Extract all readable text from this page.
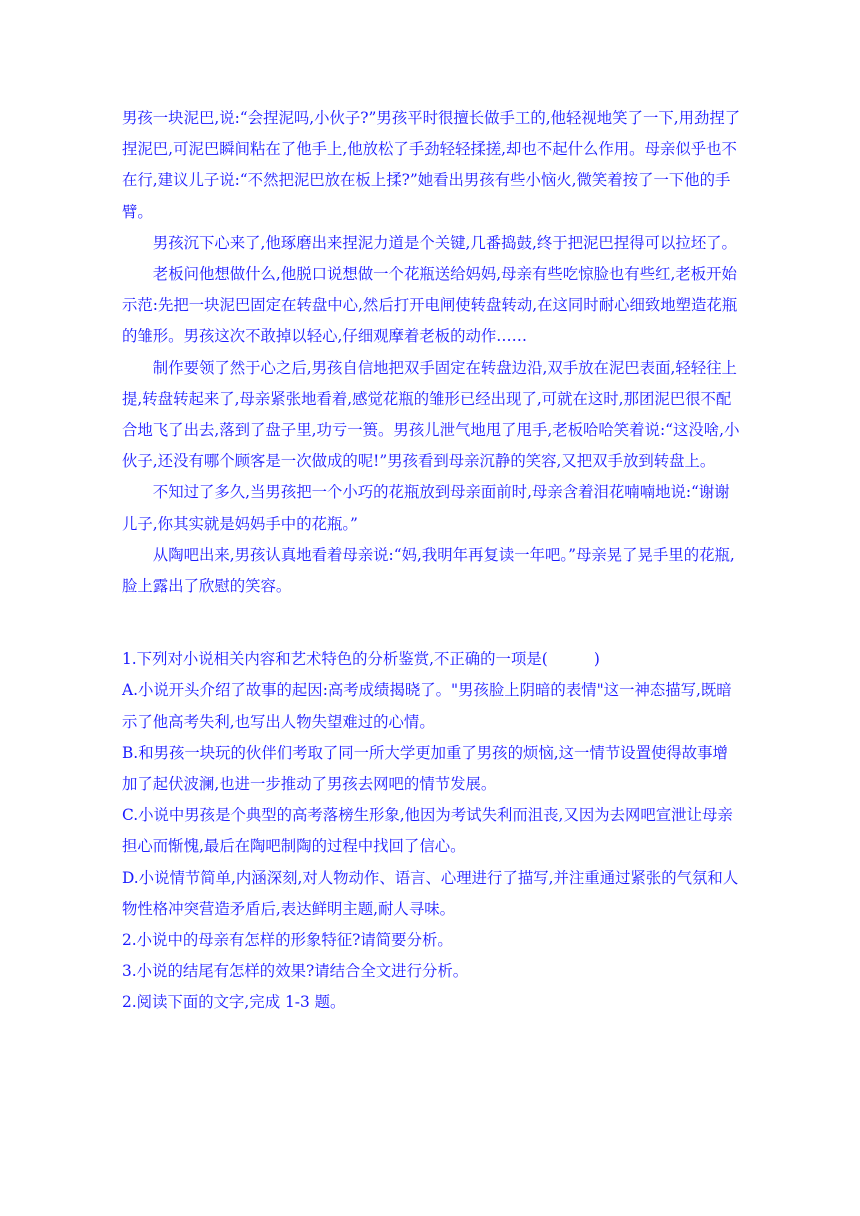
男孩一块泥巴,说:“会捏泥吗,小伙子?”男孩平时很擅长做手工的,他轻视地笑了一下,用劲捏了捏泥巴,可泥巴瞬间粘在了他手上,他放松了手劲轻轻揉搓,却也不起什么作用。母亲似乎也不在行,建议儿子说:“不然把泥巴放在板上揉?”她看出男孩有些小恼火,微笑着按了一下他的手臂。

男孩沉下心来了,他琢磨出来捏泥力道是个关键,几番捣鼓,终于把泥巴捏得可以拉坯了。

老板问他想做什么,他脱口说想做一个花瓶送给妈妈,母亲有些吃惊脸也有些红,老板开始示范:先把一块泥巴固定在转盘中心,然后打开电闸使转盘转动,在这同时耐心细致地塑造花瓶的雏形。男孩这次不敢掉以轻心,仔细观摩着老板的动作……

制作要领了然于心之后,男孩自信地把双手固定在转盘边沿,双手放在泥巴表面,轻轻往上提,转盘转起来了,母亲紧张地看着,感觉花瓶的雏形已经出现了,可就在这时,那团泥巴很不配合地飞了出去,落到了盘子里,功亏一篑。男孩儿泄气地甩了甩手,老板哈哈笑着说:“这没啥,小伙子,还没有哪个顾客是一次做成的呢!”男孩看到母亲沉静的笑容,又把双手放到转盘上。

不知过了多久,当男孩把一个小巧的花瓶放到母亲面前时,母亲含着泪花喃喃地说:“谢谢儿子,你其实就是妈妈手中的花瓶。”

从陶吧出来,男孩认真地看着母亲说:“妈,我明年再复读一年吧。”母亲晃了晃手里的花瓶,脸上露出了欣慰的笑容。

1.下列对小说相关内容和艺术特色的分析鉴赏,不正确的一项是(　　　)

A.小说开头介绍了故事的起因:高考成绩揭晓了。"男孩脸上阴暗的表情"这一神态描写,既暗示了他高考失利,也写出人物失望难过的心情。

B.和男孩一块玩的伙伴们考取了同一所大学更加重了男孩的烦恼,这一情节设置使得故事增加了起伏波澜,也进一步推动了男孩去网吧的情节发展。

C.小说中男孩是个典型的高考落榜生形象,他因为考试失利而沮丧,又因为去网吧宣泄让母亲担心而惭愧,最后在陶吧制陶的过程中找回了信心。

D.小说情节简单,内涵深刻,对人物动作、语言、心理进行了描写,并注重通过紧张的气氛和人物性格冲突营造矛盾后,表达鲜明主题,耐人寻味。

2.小说中的母亲有怎样的形象特征?请简要分析。

3.小说的结尾有怎样的效果?请结合全文进行分析。

2.阅读下面的文字,完成 1-3 题。
